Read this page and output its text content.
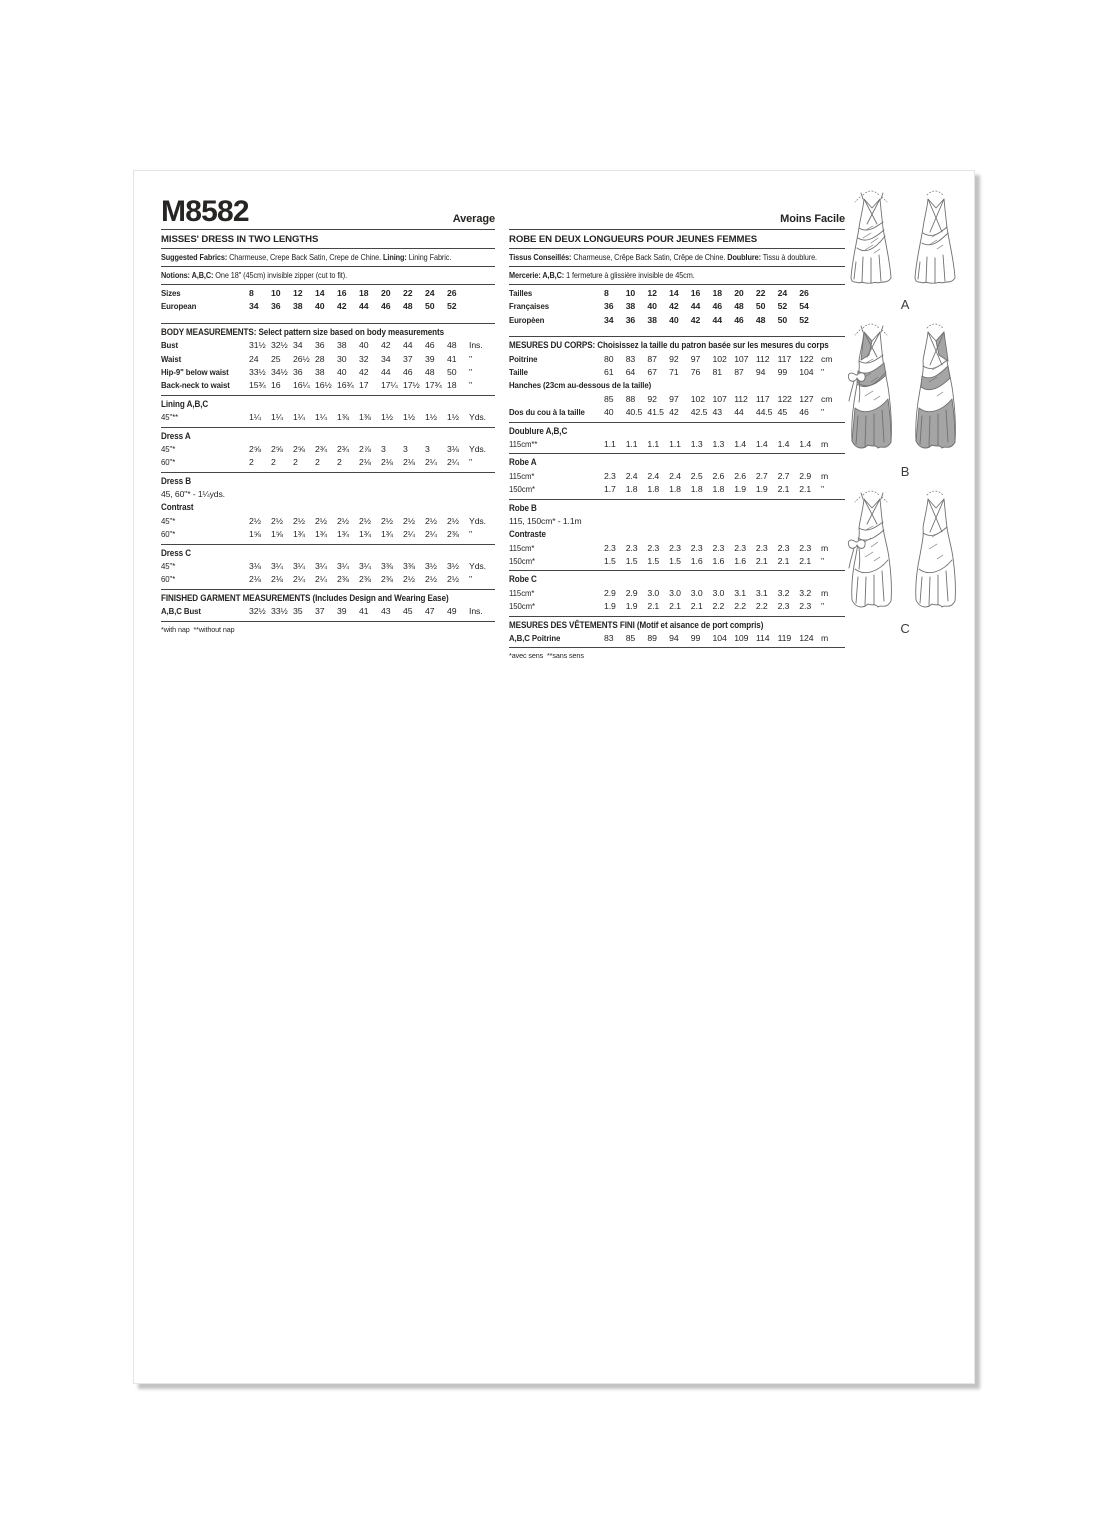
M8582	Average
MISSES' DRESS IN TWO LENGTHS
Suggested Fabrics: Charmeuse, Crepe Back Satin, Crepe de Chine. Lining: Lining Fabric.
Notions: A,B,C: One 18" (45cm) invisible zipper (cut to fit).
Sizes	8	10	12	14	16	18	20	22	24	26
European	34	36	38	40	42	44	46	48	50	52
BODY MEASUREMENTS: Select pattern size based on body measurements
Bust	31½ 32½ 34	36	38	40	42	44	46	48	Ins.
Waist	24	25	26½ 28	30	32	34	37	39	41	"
Hip-9" below waist	33½ 34½ 36	38	40	42	44	46	48	50	"
Back-neck to waist	15¾ 16	16¼ 16½ 16¾ 17	17¼ 17½ 17¾ 18	"
Lining A,B,C
45"**	1¼	1¼	1¼	1¼	1⅜	1⅜	1½	1½	1½	1½	Yds.
Dress A
45"*	2⅝	2⅝	2⅝	2¾	2¾	2⅞	3	3	3	3⅛	Yds.
60"*	2	2	2	2	2	2⅛	2⅛	2⅛	2¼	2¼	"
Dress B
45, 60"* - 1¼yds.
Contrast
45"*	2½	2½	2½	2½	2½	2½	2½	2½	2½	2½	Yds.
60"*	1⅝	1⅝	1¾	1¾	1¾	1¾	1¾	2¼	2¼	2⅜	"
Dress C
45"*	3⅛	3¼	3¼	3¼	3¼	3¼	3⅜	3⅜	3½	3½	Yds.
60"*	2⅛	2⅛	2¼	2¼	2⅜	2⅜	2⅜	2½	2½	2½	"
FINISHED GARMENT MEASUREMENTS (Includes Design and Wearing Ease)
A,B,C Bust	32½ 33½ 35	37	39	41	43	45	47	49	Ins.
*with nap  **without nap
Moins Facile
ROBE EN DEUX LONGUEURS POUR JEUNES FEMMES
Tissus Conseillés: Charmeuse, Crêpe Back Satin, Crêpe de Chine. Doublure: Tissu à doublure.
Mercerie: A,B,C: 1 fermeture à glissière invisible de 45cm.
Tailles	8	10	12	14	16	18	20	22	24	26
Françaises	36	38	40	42	44	46	48	50	52	54
Europèen	34	36	38	40	42	44	46	48	50	52
MESURES DU CORPS: Choisissez la taille du patron basée sur les mesures du corps
Poitrine	80	83	87	92	97	102 107 112 117 122 cm
Taille	61	64	67	71	76	81	87	94	99	104 "
Hanches (23cm au-dessous de la taille)
85	88	92	97	102 107 112 117 122 127 cm
Dos du cou à la taille	40	40.5 41.5 42	42.5 43	44	44.5 45	46	"
Doublure A,B,C
115cm**	1.1	1.1	1.1	1.1	1.3	1.3	1.4	1.4	1.4	1.4	m
Robe A
115cm*	2.3	2.4	2.4	2.4	2.5	2.6	2.6	2.7	2.7	2.9	m
150cm*	1.7	1.8	1.8	1.8	1.8	1.8	1.9	1.9	2.1	2.1	"
Robe B
115, 150cm* - 1.1m
Contraste
115cm*	2.3	2.3	2.3	2.3	2.3	2.3	2.3	2.3	2.3	2.3	m
150cm*	1.5	1.5	1.5	1.5	1.6	1.6	1.6	2.1	2.1	2.1	"
Robe C
115cm*	2.9	2.9	3.0	3.0	3.0	3.0	3.1	3.1	3.2	3.2	m
150cm*	1.9	1.9	2.1	2.1	2.1	2.2	2.2	2.2	2.3	2.3	"
MESURES DES VÊTEMENTS FINI (Motif et aisance de port compris)
A,B,C Poitrine	83	85	89	94	99	104 109 114 119 124 m
*avec sens  **sans sens
A
B
C
